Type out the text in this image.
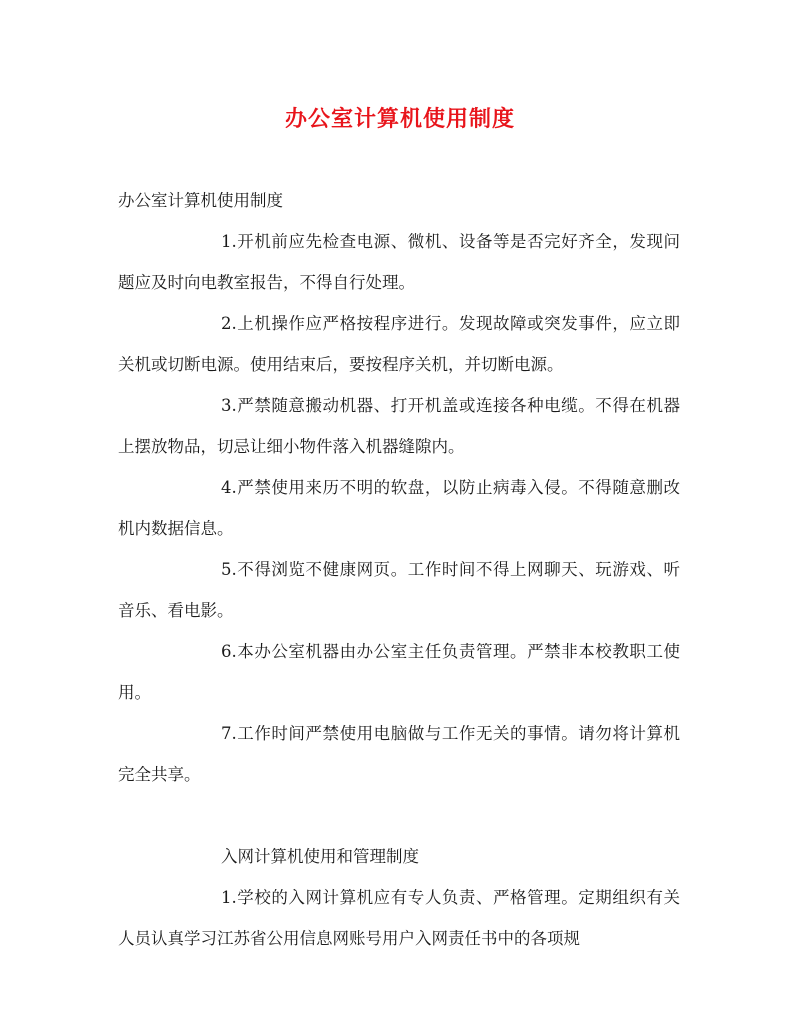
办公室计算机使用制度

办公室计算机使用制度

1.开机前应先检查电源、微机、设备等是否完好齐全，发现问题应及时向电教室报告，不得自行处理。

2.上机操作应严格按程序进行。发现故障或突发事件，应立即关机或切断电源。使用结束后，要按程序关机，并切断电源。

3.严禁随意搬动机器、打开机盖或连接各种电缆。不得在机器上摆放物品，切忌让细小物件落入机器缝隙内。

4.严禁使用来历不明的软盘，以防止病毒入侵。不得随意删改机内数据信息。

5.不得浏览不健康网页。工作时间不得上网聊天、玩游戏、听音乐、看电影。

6.本办公室机器由办公室主任负责管理。严禁非本校教职工使用。

7.工作时间严禁使用电脑做与工作无关的事情。请勿将计算机完全共享。

入网计算机使用和管理制度

1.学校的入网计算机应有专人负责、严格管理。定期组织有关人员认真学习江苏省公用信息网账号用户入网责任书中的各项规
